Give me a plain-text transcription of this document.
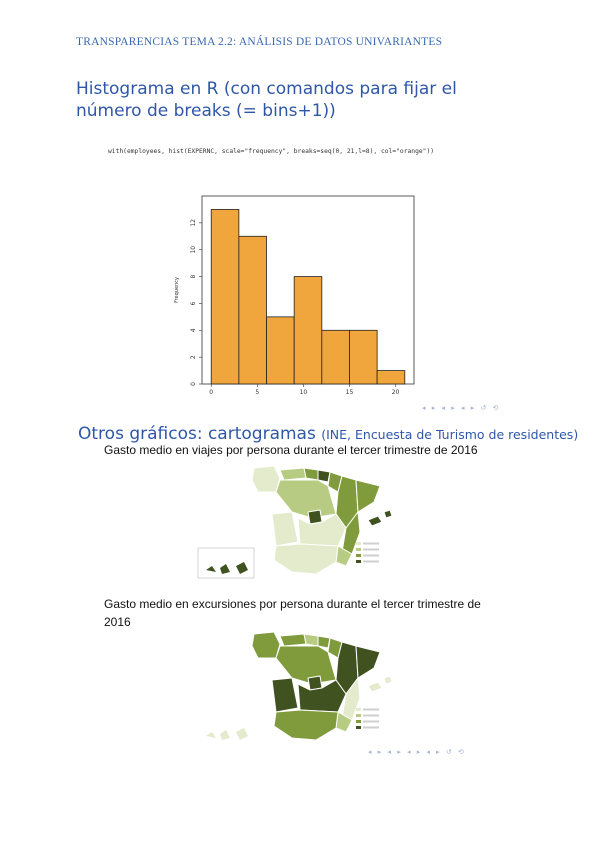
TRANSPARENCIAS TEMA 2.2: ANÁLISIS DE DATOS UNIVARIANTES
Histograma en R (con comandos para fijar el número de breaks (= bins+1))
with(employees, hist(EXPERNC, scale="frequency", breaks=seq(0, 21,l=8), col="orange"))
0	5	10	15	20
0
2
4
6
8
10
12
Frequency
◂ ▸ ◂ ▸ ◂ ▸ ↺ ⟲
Otros gráficos: cartogramas (INE, Encuesta de Turismo de residentes)
Gasto medio en viajes por persona durante el tercer trimestre de 2016
Gasto medio en excursiones por persona durante el tercer trimestre de 2016
◂ ▸ ◂ ▸ ◂ ▸ ◂ ▸ ↺ ⟲
